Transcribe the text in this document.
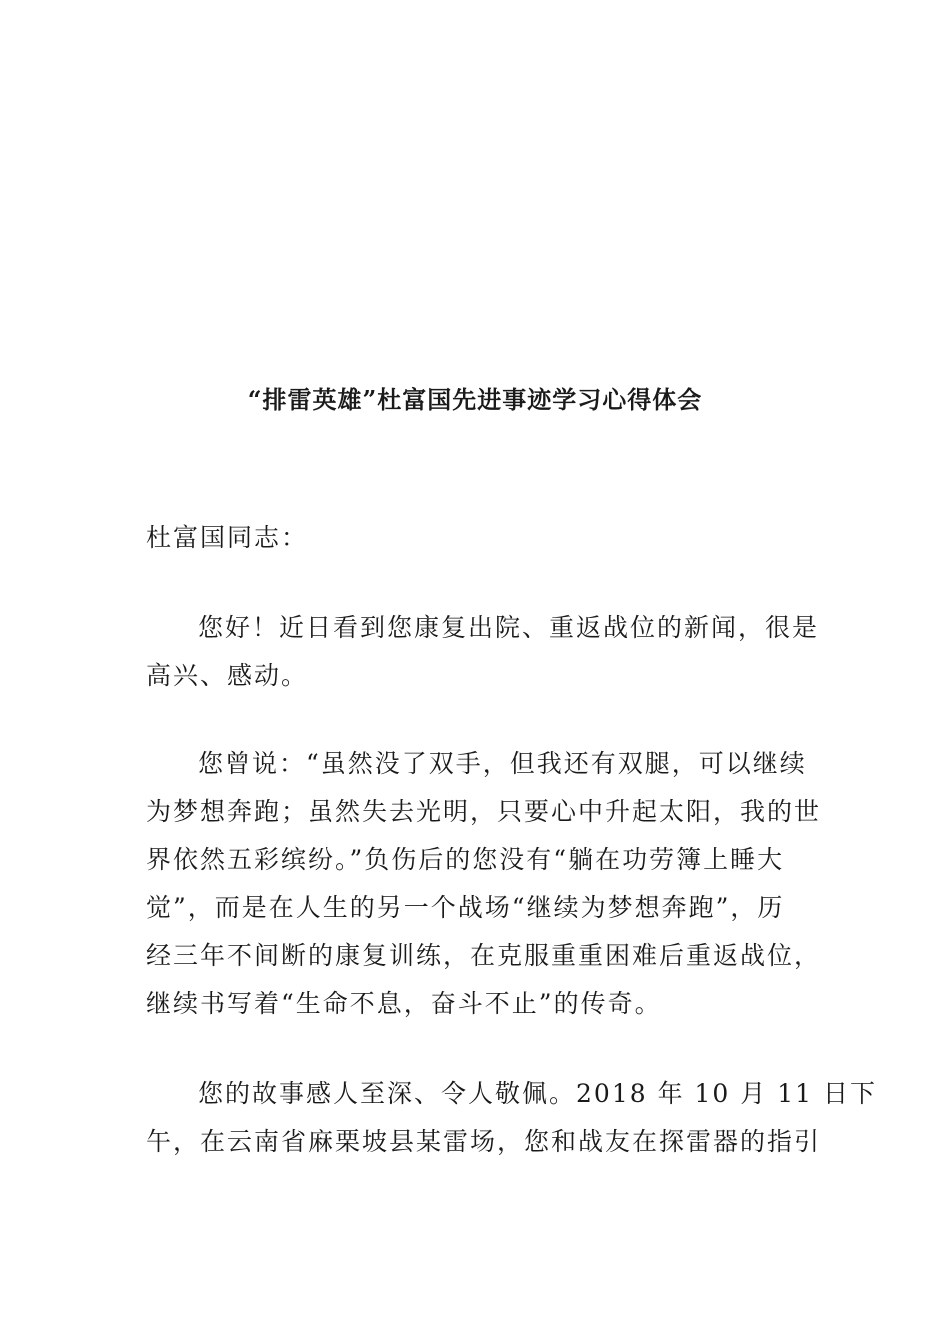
“排雷英雄”杜富国先进事迹学习心得体会
杜富国同志：
您好！近日看到您康复出院、重返战位的新闻，很是
高兴、感动。
您曾说：“虽然没了双手，但我还有双腿，可以继续
为梦想奔跑；虽然失去光明，只要心中升起太阳，我的世
界依然五彩缤纷。”负伤后的您没有“躺在功劳簿上睡大
觉”，而是在人生的另一个战场“继续为梦想奔跑”，历
经三年不间断的康复训练，在克服重重困难后重返战位，
继续书写着“生命不息，奋斗不止”的传奇。
您的故事感人至深、令人敬佩。2018 年 10 月 11 日下
午，在云南省麻栗坡县某雷场，您和战友在探雷器的指引
